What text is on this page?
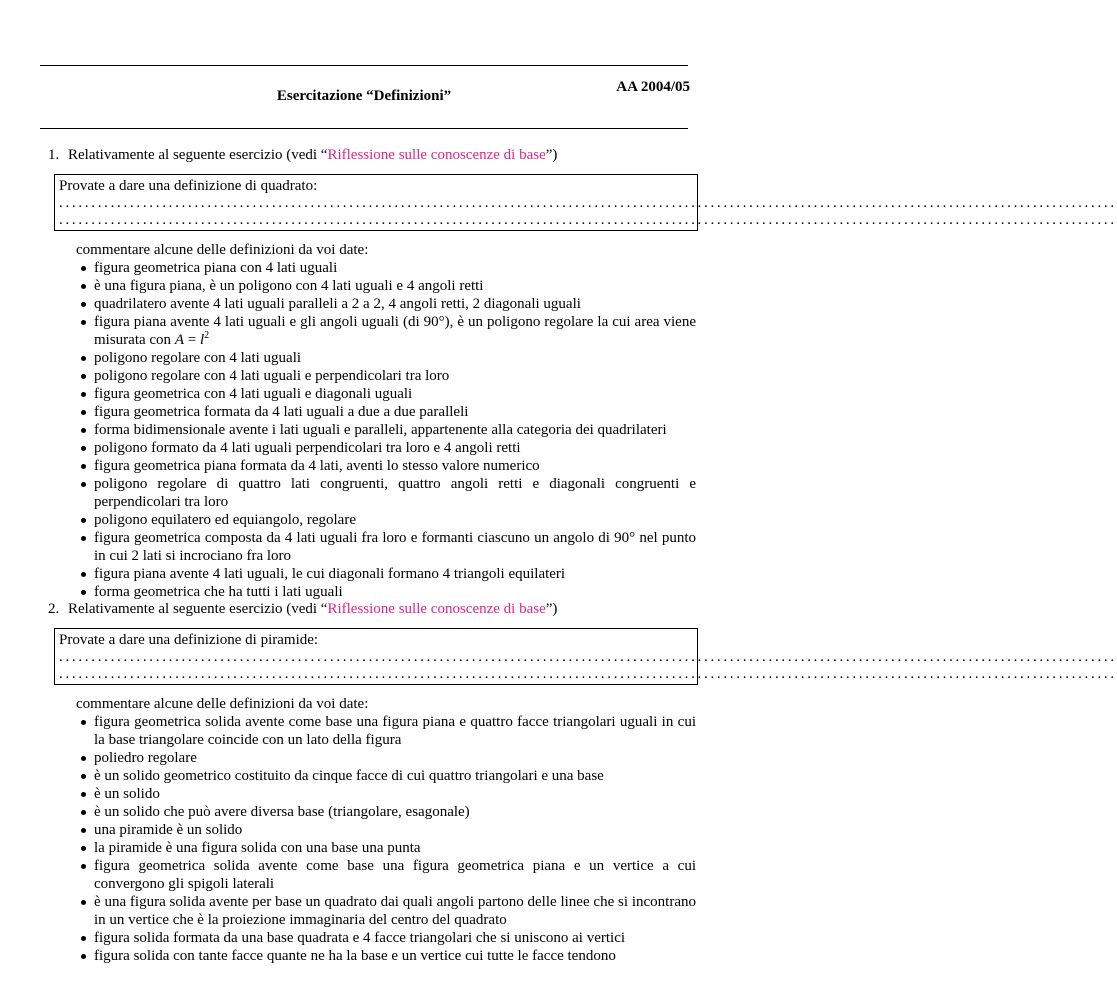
Esercitazione “Definizioni”
AA 2004/05
1. Relativamente al seguente esercizio (vedi “Riflessione sulle conoscenze di base”)
Provate a dare una definizione di quadrato:
....................................................................................................................................................................
....................................................................................................................................................................
commentare alcune delle definizioni da voi date:
figura geometrica piana con 4 lati uguali
è una figura piana, è un poligono con 4 lati uguali e 4 angoli retti
quadrilatero avente 4 lati uguali paralleli a 2 a 2, 4 angoli retti, 2 diagonali uguali
figura piana avente 4 lati uguali e gli angoli uguali (di 90°), è un poligono regolare la cui area viene misurata con $A = l^2$
poligono regolare con 4 lati uguali
poligono regolare con 4 lati uguali e perpendicolari tra loro
figura geometrica con 4 lati uguali e diagonali uguali
figura geometrica formata da 4 lati uguali a due a due paralleli
forma bidimensionale avente i lati uguali e paralleli, appartenente alla categoria dei quadrilateri
poligono formato da 4 lati uguali perpendicolari tra loro e 4 angoli retti
figura geometrica piana formata da 4 lati, aventi lo stesso valore numerico
poligono regolare di quattro lati congruenti, quattro angoli retti e diagonali congruenti e perpendicolari tra loro
poligono equilatero ed equiangolo, regolare
figura geometrica composta da 4 lati uguali fra loro e formanti ciascuno un angolo di 90° nel punto in cui 2 lati si incrociano fra loro
figura piana avente 4 lati uguali, le cui diagonali formano 4 triangoli equilateri
forma geometrica che ha tutti i lati uguali
2. Relativamente al seguente esercizio (vedi “Riflessione sulle conoscenze di base”)
Provate a dare una definizione di piramide:
....................................................................................................................................................................
....................................................................................................................................................................
commentare alcune delle definizioni da voi date:
figura geometrica solida avente come base una figura piana e quattro facce triangolari uguali in cui la base triangolare coincide con un lato della figura
poliedro regolare
è un solido geometrico costituito da cinque facce di cui quattro triangolari e una base
è un solido
è un solido che può avere diversa base (triangolare, esagonale)
una piramide è un solido
la piramide è una figura solida con una base una punta
figura geometrica solida avente come base una figura geometrica piana e un vertice a cui convergono gli spigoli laterali
è una figura solida avente per base un quadrato dai quali angoli partono delle linee che si incontrano in un vertice che è la proiezione immaginaria del centro del quadrato
figura solida formata da una base quadrata e 4 facce triangolari che si uniscono ai vertici
figura solida con tante facce quante ne ha la base e un vertice cui tutte le facce tendono
